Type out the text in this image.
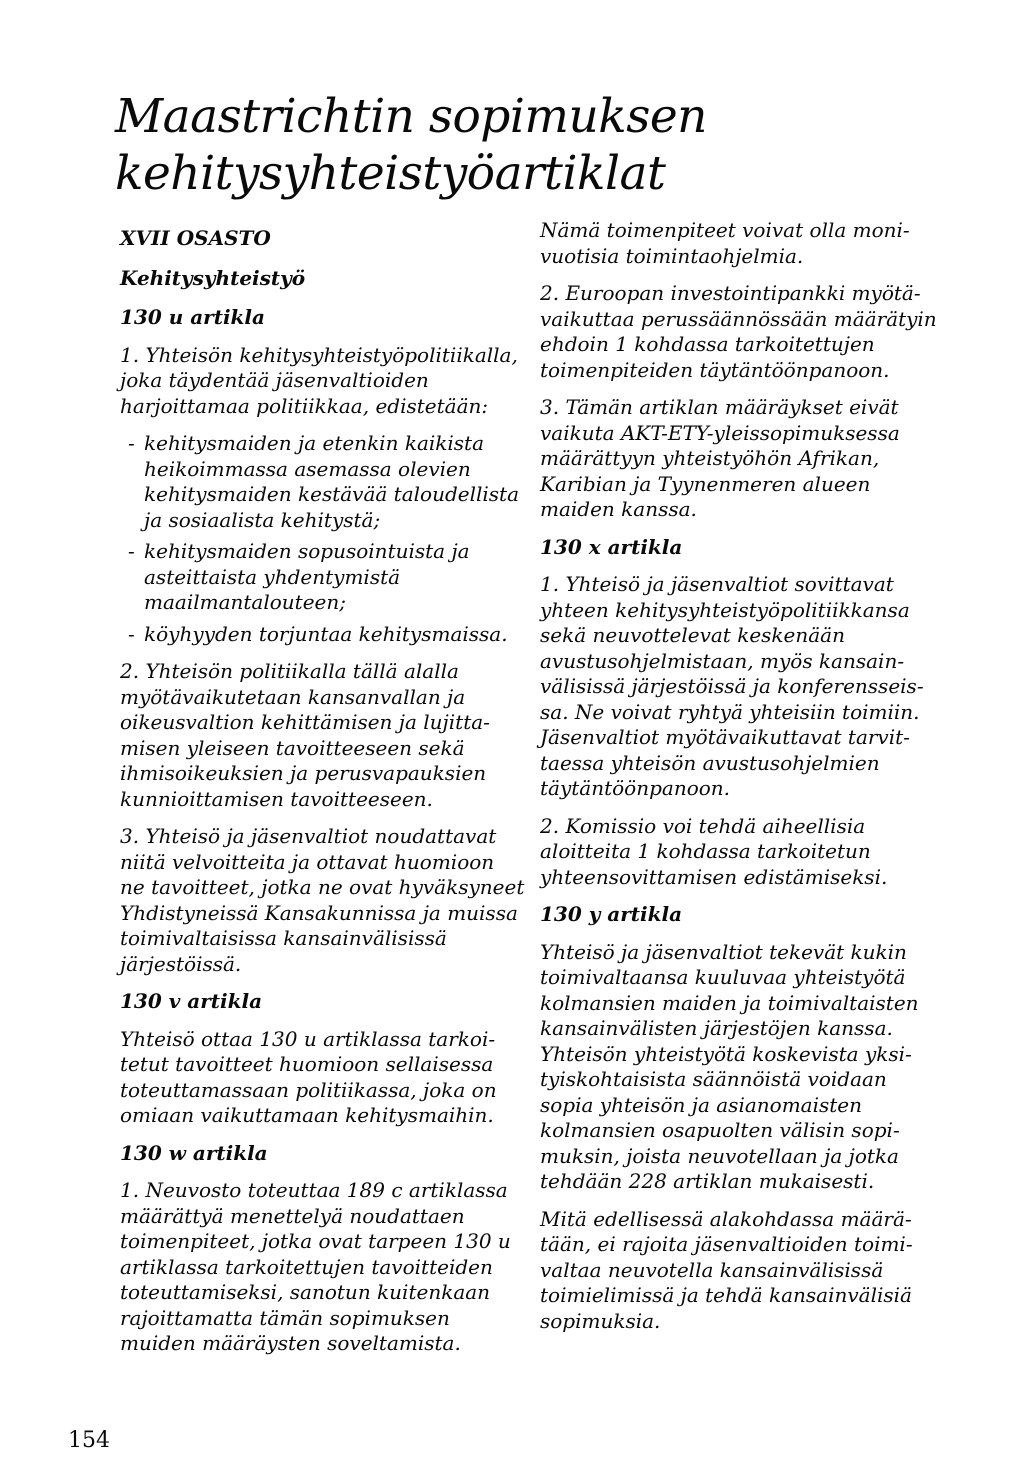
Maastrichtin sopimuksen
kehitysyhteistyöartiklat
XVII OSASTO
Kehitysyhteistyö
130 u artikla

1. Yhteisön kehitysyhteistyöpolitiikalla, joka täydentää jäsenvaltioiden harjoittamaa politiikkaa, edistetään:

- kehitysmaiden ja etenkin kaikista heikoimmassa asemassa olevien kehitysmaiden kestävää taloudellista ja sosiaalista kehitystä;
- kehitysmaiden sopusointuista ja asteittaista yhdentymistä maailmantalouteen;
- köyhyyden torjuntaa kehitysmaissa.

2. Yhteisön politiikalla tällä alalla myötävaikutetaan kansanvallan ja oikeusvaltion kehittämisen ja lujittamisen yleiseen tavoitteeseen sekä ihmisoikeuksien ja perusvapauksien kunnioittamisen tavoitteeseen.

3. Yhteisö ja jäsenvaltiot noudattavat niitä velvoitteita ja ottavat huomioon ne tavoitteet, jotka ne ovat hyväksyneet Yhdistyneissä Kansakunnissa ja muissa toimivaltaisissa kansainvälisissä järjestöissä.

130 v artikla

Yhteisö ottaa 130 u artiklassa tarkoitetut tavoitteet huomioon sellaisessa toteuttamassaan politiikassa, joka on omiaan vaikuttamaan kehitysmaihin.

130 w artikla

1. Neuvosto toteuttaa 189 c artiklassa määrättyä menettelyä noudattaen toimenpiteet, jotka ovat tarpeen 130 u artiklassa tarkoitettujen tavoitteiden toteuttamiseksi, sanotun kuitenkaan rajoittamatta tämän sopimuksen muiden määräysten soveltamista.

Nämä toimenpiteet voivat olla monivuotisia toimintaohjelmia.

2. Euroopan investointipankki myötävaikuttaa perussäännössään määrätyin ehdoin 1 kohdassa tarkoitettujen toimenpiteiden täytäntöönpanoon.

3. Tämän artiklan määräykset eivät vaikuta AKT-ETY-yleissopimuksessa määrättyyn yhteistyöhön Afrikan, Karibian ja Tyynenmeren alueen maiden kanssa.

130 x artikla

1. Yhteisö ja jäsenvaltiot sovittavat yhteen kehitysyhteistyöpolitiikkansa sekä neuvottelevat keskenään avustusohjelmistaan, myös kansainvälisissä järjestöissä ja konferensseissa. Ne voivat ryhtyä yhteisiin toimiin. Jäsenvaltiot myötävaikuttavat tarvittaessa yhteisön avustusohjelmien täytäntöönpanoon.

2. Komissio voi tehdä aiheellisia aloitteita 1 kohdassa tarkoitetun yhteensovittamisen edistämiseksi.

130 y artikla

Yhteisö ja jäsenvaltiot tekevät kukin toimivaltaansa kuuluvaa yhteistyötä kolmansien maiden ja toimivaltaisten kansainvälisten järjestöjen kanssa. Yhteisön yhteistyötä koskevista yksityiskohtaisista säännöistä voidaan sopia yhteisön ja asianomaisten kolmansien osapuolten välisin sopimuksin, joista neuvotellaan ja jotka tehdään 228 artiklan mukaisesti.

Mitä edellisessä alakohdassa määrätään, ei rajoita jäsenvaltioiden toimivaltaa neuvotella kansainvälisissä toimielimissä ja tehdä kansainvälisiä sopimuksia.

154
